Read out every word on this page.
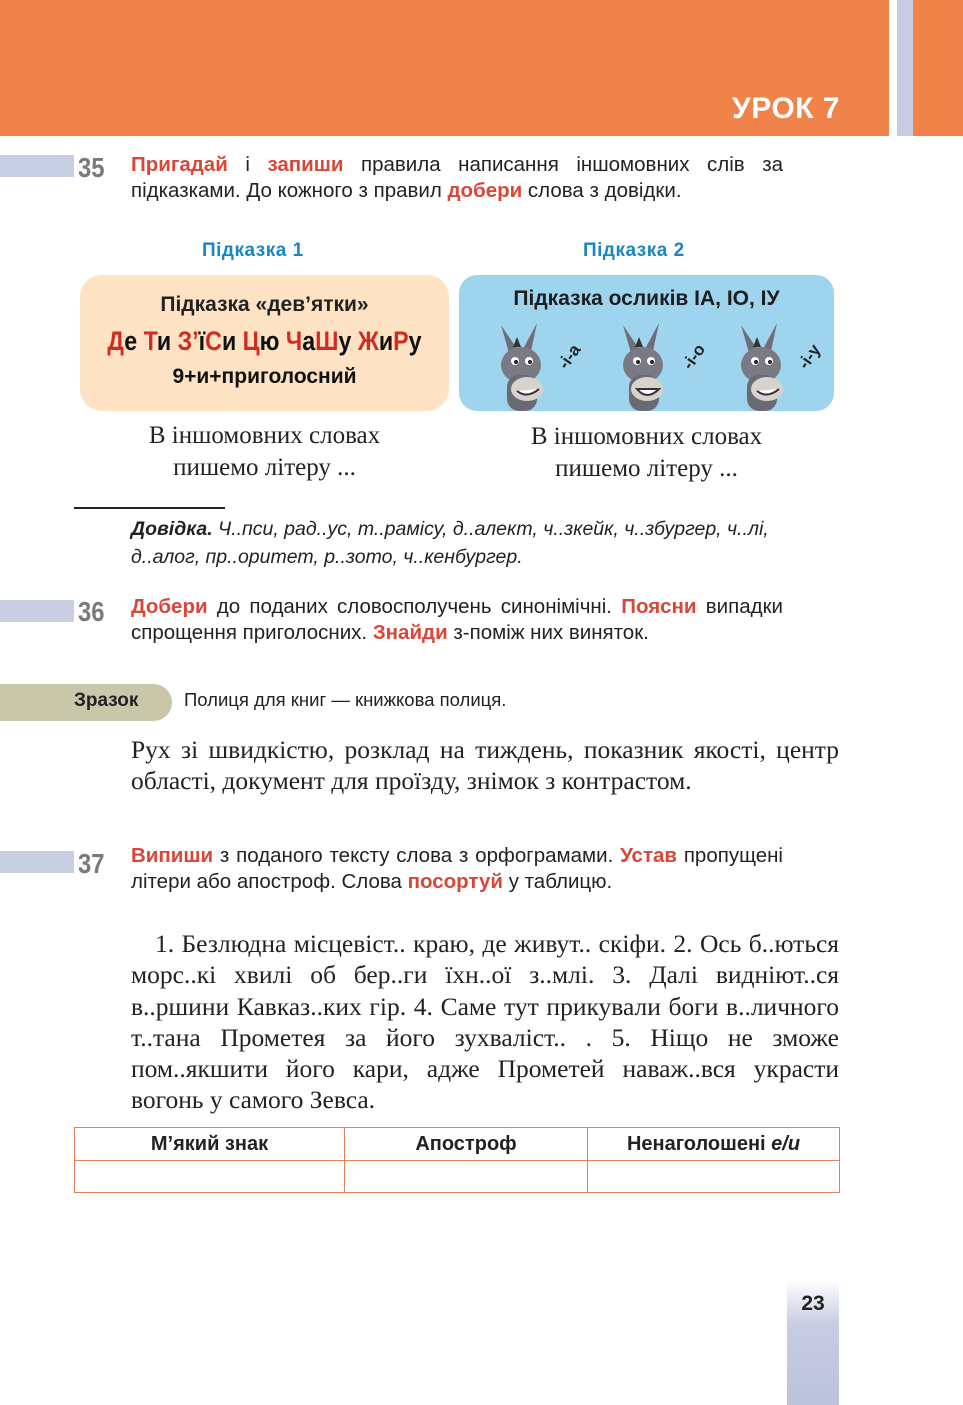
УРОК 7
35 Пригадай і запиши правила написання іншомовних слів за підказками. До кожного з правил добери слова з довідки.
Підказка 1	Підказка 2
Підказка «дев’ятки»
Де Ти З’їСи Цю ЧаШу ЖиРу
9+и+приголосний
Підказка осликів ІА, ІО, ІУ
-і-а	-і-о	-і-у
В іншомовних словах
пишемо літеру ...
В іншомовних словах
пишемо літеру ...
Довідка. Ч..пси, рад..ус, т..рамісу, д..алект, ч..зкейк, ч..збургер, ч..лі, д..алог, пр..оритет, р..зото, ч..кенбургер.
36 Добери до поданих словосполучень синонімічні. Поясни випадки спрощення приголосних. Знайди з-поміж них виняток.
Зразок Полиця для книг — книжкова полиця.
Рух зі швидкістю, розклад на тиждень, показник якості, центр області, документ для проїзду, знімок з контрастом.
37 Випиши з поданого тексту слова з орфограмами. Устав пропущені літери або апостроф. Слова посортуй у таблицю.
1. Безлюдна місцевіст.. краю, де живут.. скіфи. 2. Ось б..ються морс..кі хвилі об бер..ги їхн..ої з..млі. 3. Далі видніют..ся в..ршини Кавказ..ких гір. 4. Саме тут прикували боги в..личного т..тана Прометея за його зухваліст.. . 5. Ніщо не зможе пом..якшити його кари, адже Прометей наваж..вся украсти вогонь у самого Зевса.
М’який знак	Апостроф	Ненаголошені е/и

23
